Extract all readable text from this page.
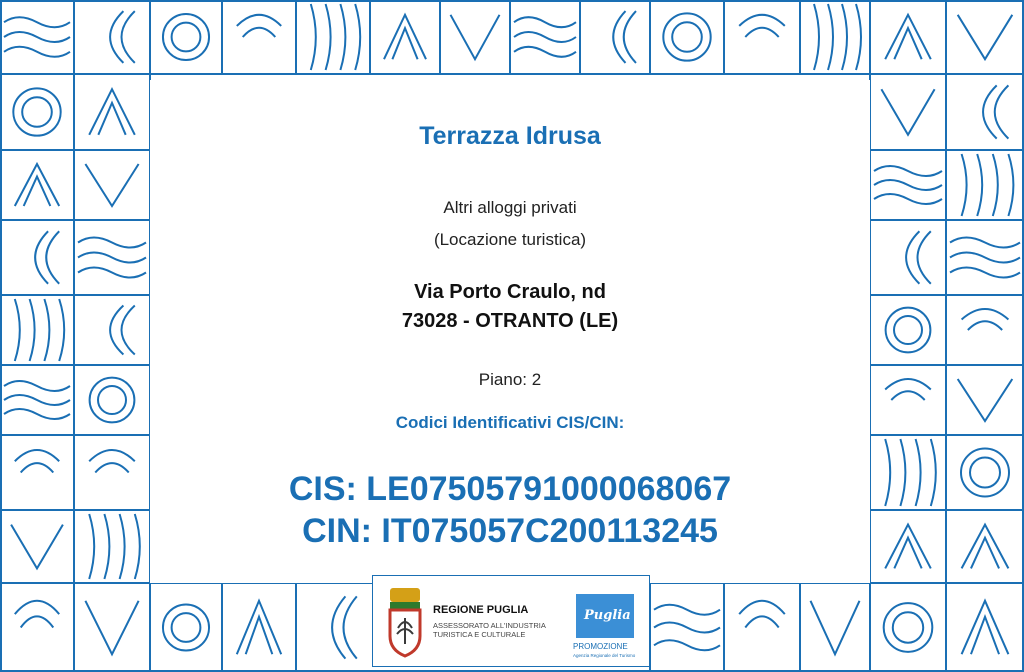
Terrazza Idrusa
Altri alloggi privati
(Locazione turistica)
Via Porto Craulo, nd
73028 - OTRANTO (LE)
Piano: 2
Codici Identificativi CIS/CIN:
CIS: LE07505791000068067
CIN: IT075057C200113245
REGIONE PUGLIA
ASSESSORATO ALL'INDUSTRIA
TURISTICA E CULTURALE
Puglia
PROMOZIONE
Agenzia Regionale del Turismo
